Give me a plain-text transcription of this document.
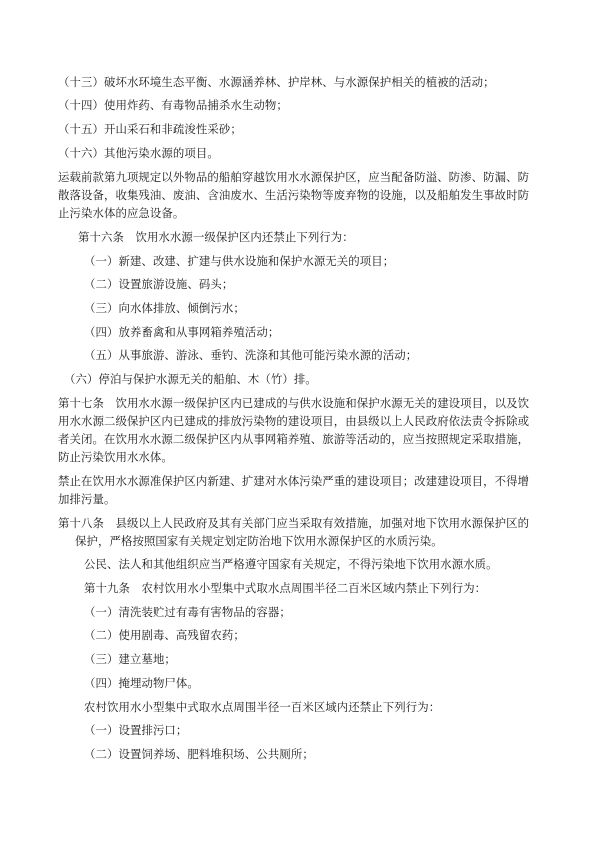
（十三）破坏水环境生态平衡、水源涵养林、护岸林、与水源保护相关的植被的活动；
（十四）使用炸药、有毒物品捕杀水生动物；
（十五）开山采石和非疏浚性采砂；
（十六）其他污染水源的项目。
运载前款第九项规定以外物品的船舶穿越饮用水水源保护区，应当配备防溢、防渗、防漏、防
散落设备，收集残油、废油、含油废水、生活污染物等废弃物的设施，以及船舶发生事故时防
止污染水体的应急设备。
第十六条　饮用水水源一级保护区内还禁止下列行为：
（一）新建、改建、扩建与供水设施和保护水源无关的项目；
（二）设置旅游设施、码头；
（三）向水体排放、倾倒污水；
（四）放养畜禽和从事网箱养殖活动；
（五）从事旅游、游泳、垂钓、洗涤和其他可能污染水源的活动；
（六）停泊与保护水源无关的船舶、木（竹）排。
第十七条　饮用水水源一级保护区内已建成的与供水设施和保护水源无关的建设项目，以及饮
用水水源二级保护区内已建成的排放污染物的建设项目，由县级以上人民政府依法责令拆除或
者关闭。在饮用水水源二级保护区内从事网箱养殖、旅游等活动的，应当按照规定采取措施，
防止污染饮用水水体。
禁止在饮用水水源准保护区内新建、扩建对水体污染严重的建设项目；改建建设项目，不得增
加排污量。
第十八条　县级以上人民政府及其有关部门应当采取有效措施，加强对地下饮用水源保护区的
保护，严格按照国家有关规定划定防治地下饮用水源保护区的水质污染。
公民、法人和其他组织应当严格遵守国家有关规定，不得污染地下饮用水源水质。
第十九条　农村饮用水小型集中式取水点周围半径二百米区域内禁止下列行为：
（一）清洗装贮过有毒有害物品的容器；
（二）使用剧毒、高残留农药；
（三）建立墓地；
（四）掩埋动物尸体。
农村饮用水小型集中式取水点周围半径一百米区域内还禁止下列行为：
（一）设置排污口；
（二）设置饲养场、肥料堆积场、公共厕所；
